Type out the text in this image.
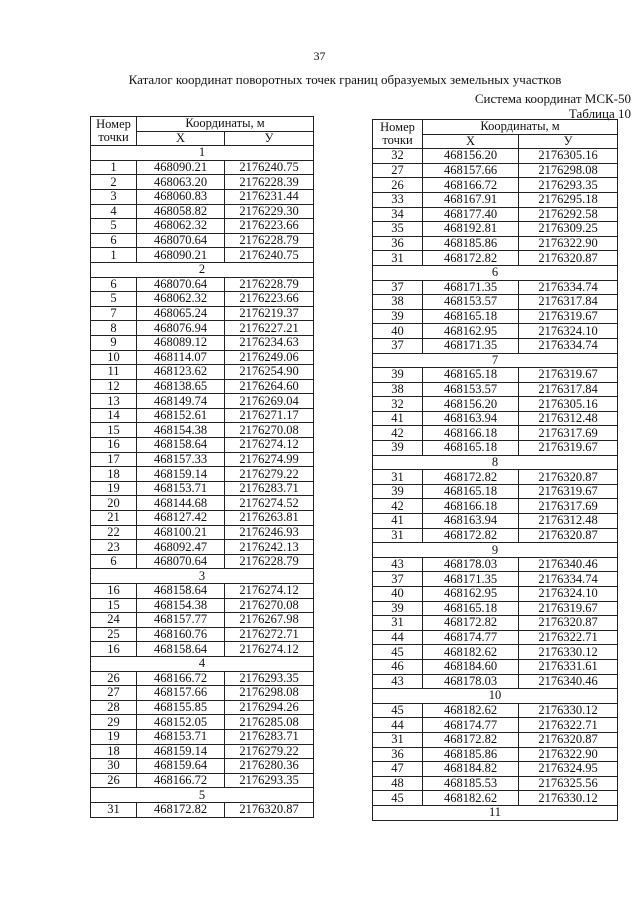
37
Каталог координат поворотных точек границ образуемых земельных участков
Система координат МСК-50
Таблица 10
Номер
точки	Координаты, м	
	X	У
1		
1	468090.21	2176240.75
2	468063.20	2176228.39
3	468060.83	2176231.44
4	468058.82	2176229.30
5	468062.32	2176223.66
6	468070.64	2176228.79
1	468090.21	2176240.75
2		
6	468070.64	2176228.79
5	468062.32	2176223.66
7	468065.24	2176219.37
8	468076.94	2176227.21
9	468089.12	2176234.63
10	468114.07	2176249.06
11	468123.62	2176254.90
12	468138.65	2176264.60
13	468149.74	2176269.04
14	468152.61	2176271.17
15	468154.38	2176270.08
16	468158.64	2176274.12
17	468157.33	2176274.99
18	468159.14	2176279.22
19	468153.71	2176283.71
20	468144.68	2176274.52
21	468127.42	2176263.81
22	468100.21	2176246.93
23	468092.47	2176242.13
6	468070.64	2176228.79
3		
16	468158.64	2176274.12
15	468154.38	2176270.08
24	468157.77	2176267.98
25	468160.76	2176272.71
16	468158.64	2176274.12
4		
26	468166.72	2176293.35
27	468157.66	2176298.08
28	468155.85	2176294.26
29	468152.05	2176285.08
19	468153.71	2176283.71
18	468159.14	2176279.22
30	468159.64	2176280.36
26	468166.72	2176293.35
5		
31	468172.82	2176320.87
Номер
точки	Координаты, м	
	X	У
32	468156.20	2176305.16
27	468157.66	2176298.08
26	468166.72	2176293.35
33	468167.91	2176295.18
34	468177.40	2176292.58
35	468192.81	2176309.25
36	468185.86	2176322.90
31	468172.82	2176320.87
6		
37	468171.35	2176334.74
38	468153.57	2176317.84
39	468165.18	2176319.67
40	468162.95	2176324.10
37	468171.35	2176334.74
7		
39	468165.18	2176319.67
38	468153.57	2176317.84
32	468156.20	2176305.16
41	468163.94	2176312.48
42	468166.18	2176317.69
39	468165.18	2176319.67
8		
31	468172.82	2176320.87
39	468165.18	2176319.67
42	468166.18	2176317.69
41	468163.94	2176312.48
31	468172.82	2176320.87
9		
43	468178.03	2176340.46
37	468171.35	2176334.74
40	468162.95	2176324.10
39	468165.18	2176319.67
31	468172.82	2176320.87
44	468174.77	2176322.71
45	468182.62	2176330.12
46	468184.60	2176331.61
43	468178.03	2176340.46
10		
45	468182.62	2176330.12
44	468174.77	2176322.71
31	468172.82	2176320.87
36	468185.86	2176322.90
47	468184.82	2176324.95
48	468185.53	2176325.56
45	468182.62	2176330.12
11		
